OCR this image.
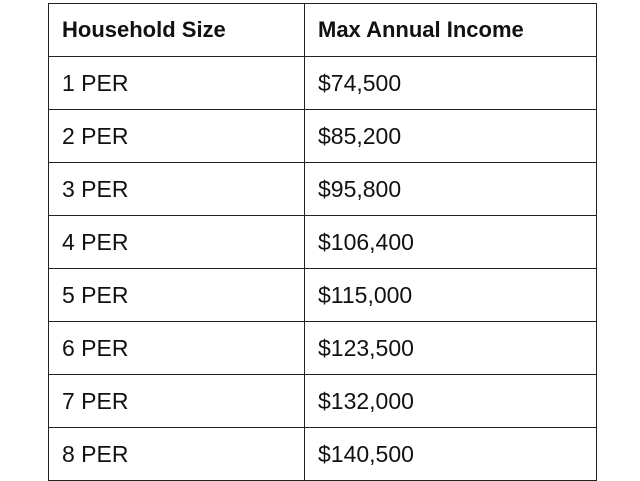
Household Size	Max Annual Income
1 PER	$74,500
2 PER	$85,200
3 PER	$95,800
4 PER	$106,400
5 PER	$115,000
6 PER	$123,500
7 PER	$132,000
8 PER	$140,500
